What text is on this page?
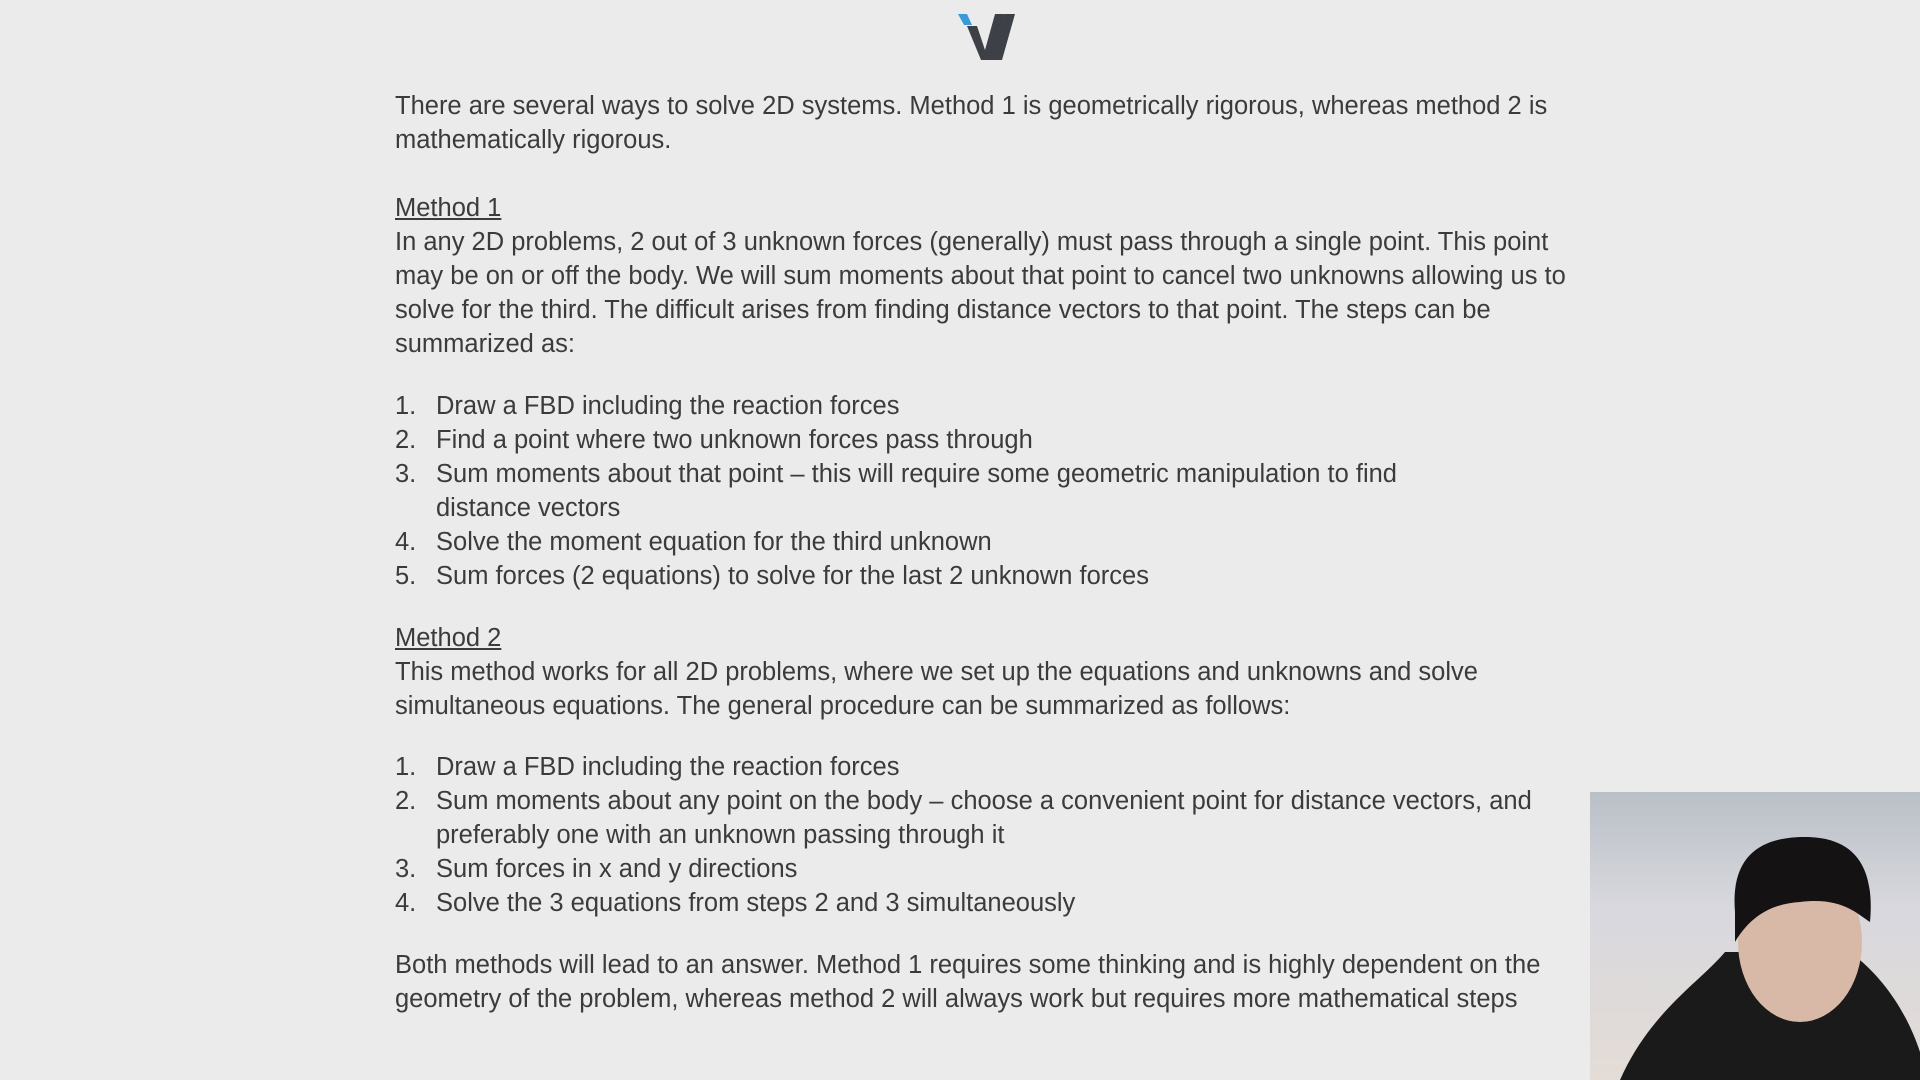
There are several ways to solve 2D systems. Method 1 is geometrically rigorous, whereas method 2 is mathematically rigorous.

Method 1

In any 2D problems, 2 out of 3 unknown forces (generally) must pass through a single point. This point may be on or off the body. We will sum moments about that point to cancel two unknowns allowing us to solve for the third. The difficult arises from finding distance vectors to that point. The steps can be summarized as:

1. Draw a FBD including the reaction forces
2. Find a point where two unknown forces pass through
3. Sum moments about that point – this will require some geometric manipulation to find distance vectors
4. Solve the moment equation for the third unknown
5. Sum forces (2 equations) to solve for the last 2 unknown forces

Method 2

This method works for all 2D problems, where we set up the equations and unknowns and solve simultaneous equations. The general procedure can be summarized as follows:

1. Draw a FBD including the reaction forces
2. Sum moments about any point on the body – choose a convenient point for distance vectors, and preferably one with an unknown passing through it
3. Sum forces in x and y directions
4. Solve the 3 equations from steps 2 and 3 simultaneously

Both methods will lead to an answer. Method 1 requires some thinking and is highly dependent on the geometry of the problem, whereas method 2 will always work but requires more mathematical steps
